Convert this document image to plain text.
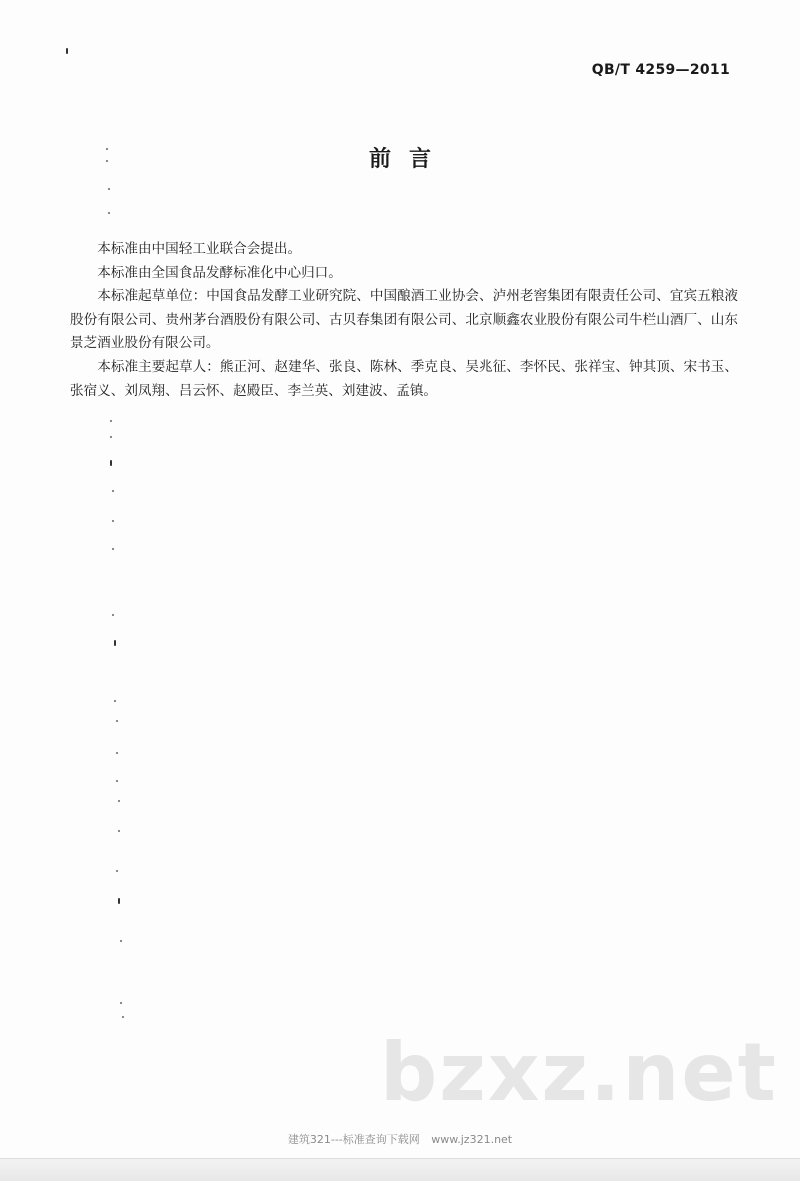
QB/T 4259—2011
前言

本标准由中国轻工业联合会提出。

本标准由全国食品发酵标准化中心归口。

本标准起草单位：中国食品发酵工业研究院、中国酿酒工业协会、泸州老窖集团有限责任公司、宜宾五粮液股份有限公司、贵州茅台酒股份有限公司、古贝春集团有限公司、北京顺鑫农业股份有限公司牛栏山酒厂、山东景芝酒业股份有限公司。

本标准主要起草人：熊正河、赵建华、张良、陈林、季克良、吴兆征、李怀民、张祥宝、钟其顶、宋书玉、张宿义、刘凤翔、吕云怀、赵殿臣、李兰英、刘建波、孟镇。

bzxz.net
建筑321---标准查询下载网 www.jz321.net
